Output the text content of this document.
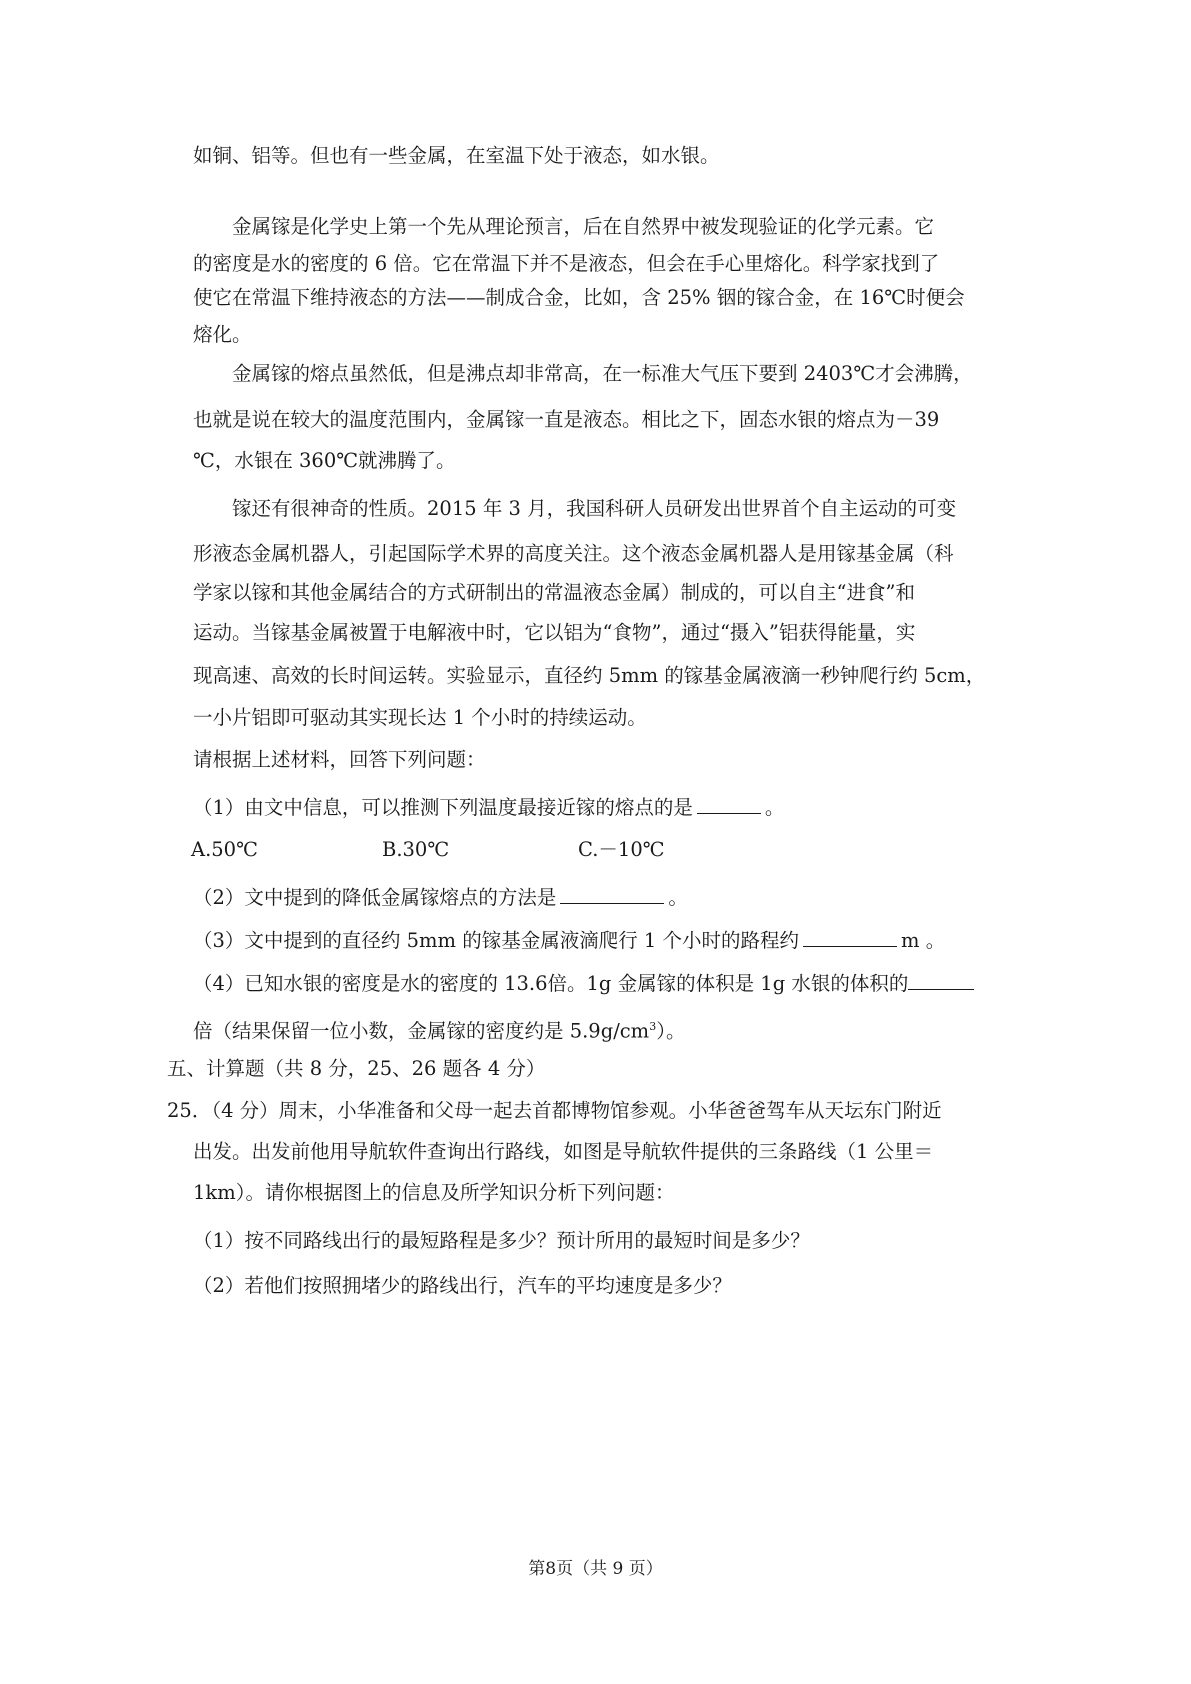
如铜、铝等。但也有一些金属，在室温下处于液态，如水银。
金属镓是化学史上第一个先从理论预言，后在自然界中被发现验证的化学元素。它
的密度是水的密度的 6 倍。它在常温下并不是液态，但会在手心里熔化。科学家找到了
使它在常温下维持液态的方法——制成合金，比如，含 25% 铟的镓合金，在 16℃时便会
熔化。
金属镓的熔点虽然低，但是沸点却非常高，在一标准大气压下要到 2403℃才会沸腾，
也就是说在较大的温度范围内，金属镓一直是液态。相比之下，固态水银的熔点为－39
℃，水银在 360℃就沸腾了。
镓还有很神奇的性质。2015 年 3 月，我国科研人员研发出世界首个自主运动的可变
形液态金属机器人，引起国际学术界的高度关注。这个液态金属机器人是用镓基金属（科
学家以镓和其他金属结合的方式研制出的常温液态金属）制成的，可以自主“进食”和
运动。当镓基金属被置于电解液中时，它以铝为“食物”，通过“摄入”铝获得能量，实
现高速、高效的长时间运转。实验显示，直径约 5mm 的镓基金属液滴一秒钟爬行约 5cm，
一小片铝即可驱动其实现长达 1 个小时的持续运动。
请根据上述材料，回答下列问题：
（1）由文中信息，可以推测下列温度最接近镓的熔点的是	。
A.50℃	B.30℃	C.－10℃
（2）文中提到的降低金属镓熔点的方法是	。
（3）文中提到的直径约 5mm 的镓基金属液滴爬行 1 个小时的路程约	m 。
（4）已知水银的密度是水的密度的 13.6倍。1g 金属镓的体积是 1g 水银的体积的
倍（结果保留一位小数，金属镓的密度约是 $5.9g/cm^3$）。
五、计算题（共 8 分，25、26 题各 4 分）
25．（4 分）周末，小华准备和父母一起去首都博物馆参观。小华爸爸驾车从天坛东门附近
出发。出发前他用导航软件查询出行路线，如图是导航软件提供的三条路线（1 公里＝
1km）。请你根据图上的信息及所学知识分析下列问题：
（1）按不同路线出行的最短路程是多少？预计所用的最短时间是多少？
（2）若他们按照拥堵少的路线出行，汽车的平均速度是多少？
第8页（共 9 页）
